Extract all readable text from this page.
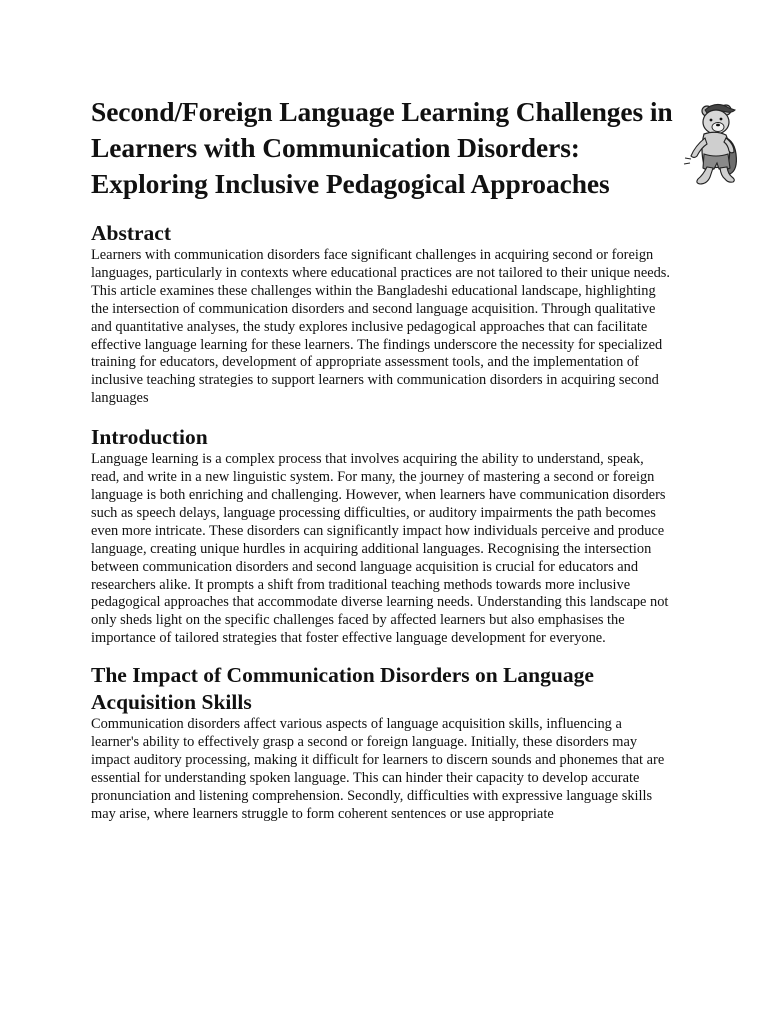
Second/Foreign Language Learning Challenges in Learners with Communication Disorders: Exploring Inclusive Pedagogical Approaches
Abstract

Learners with communication disorders face significant challenges in acquiring second or foreign languages, particularly in contexts where educational practices are not tailored to their unique needs. This article examines these challenges within the Bangladeshi educational landscape, highlighting the intersection of communication disorders and second language acquisition. Through qualitative and quantitative analyses, the study explores inclusive pedagogical approaches that can facilitate effective language learning for these learners. The findings underscore the necessity for specialized training for educators, development of appropriate assessment tools, and the implementation of inclusive teaching strategies to support learners with communication disorders in acquiring second languages

Introduction

Language learning is a complex process that involves acquiring the ability to understand, speak, read, and write in a new linguistic system. For many, the journey of mastering a second or foreign language is both enriching and challenging. However, when learners have communication disorders such as speech delays, language processing difficulties, or auditory impairments the path becomes even more intricate. These disorders can significantly impact how individuals perceive and produce language, creating unique hurdles in acquiring additional languages. Recognising the intersection between communication disorders and second language acquisition is crucial for educators and researchers alike. It prompts a shift from traditional teaching methods towards more inclusive pedagogical approaches that accommodate diverse learning needs. Understanding this landscape not only sheds light on the specific challenges faced by affected learners but also emphasises the importance of tailored strategies that foster effective language development for everyone.

The Impact of Communication Disorders on Language Acquisition Skills

Communication disorders affect various aspects of language acquisition skills, influencing a learner's ability to effectively grasp a second or foreign language. Initially, these disorders may impact auditory processing, making it difficult for learners to discern sounds and phonemes that are essential for understanding spoken language. This can hinder their capacity to develop accurate pronunciation and listening comprehension. Secondly, difficulties with expressive language skills may arise, where learners struggle to form coherent sentences or use appropriate
